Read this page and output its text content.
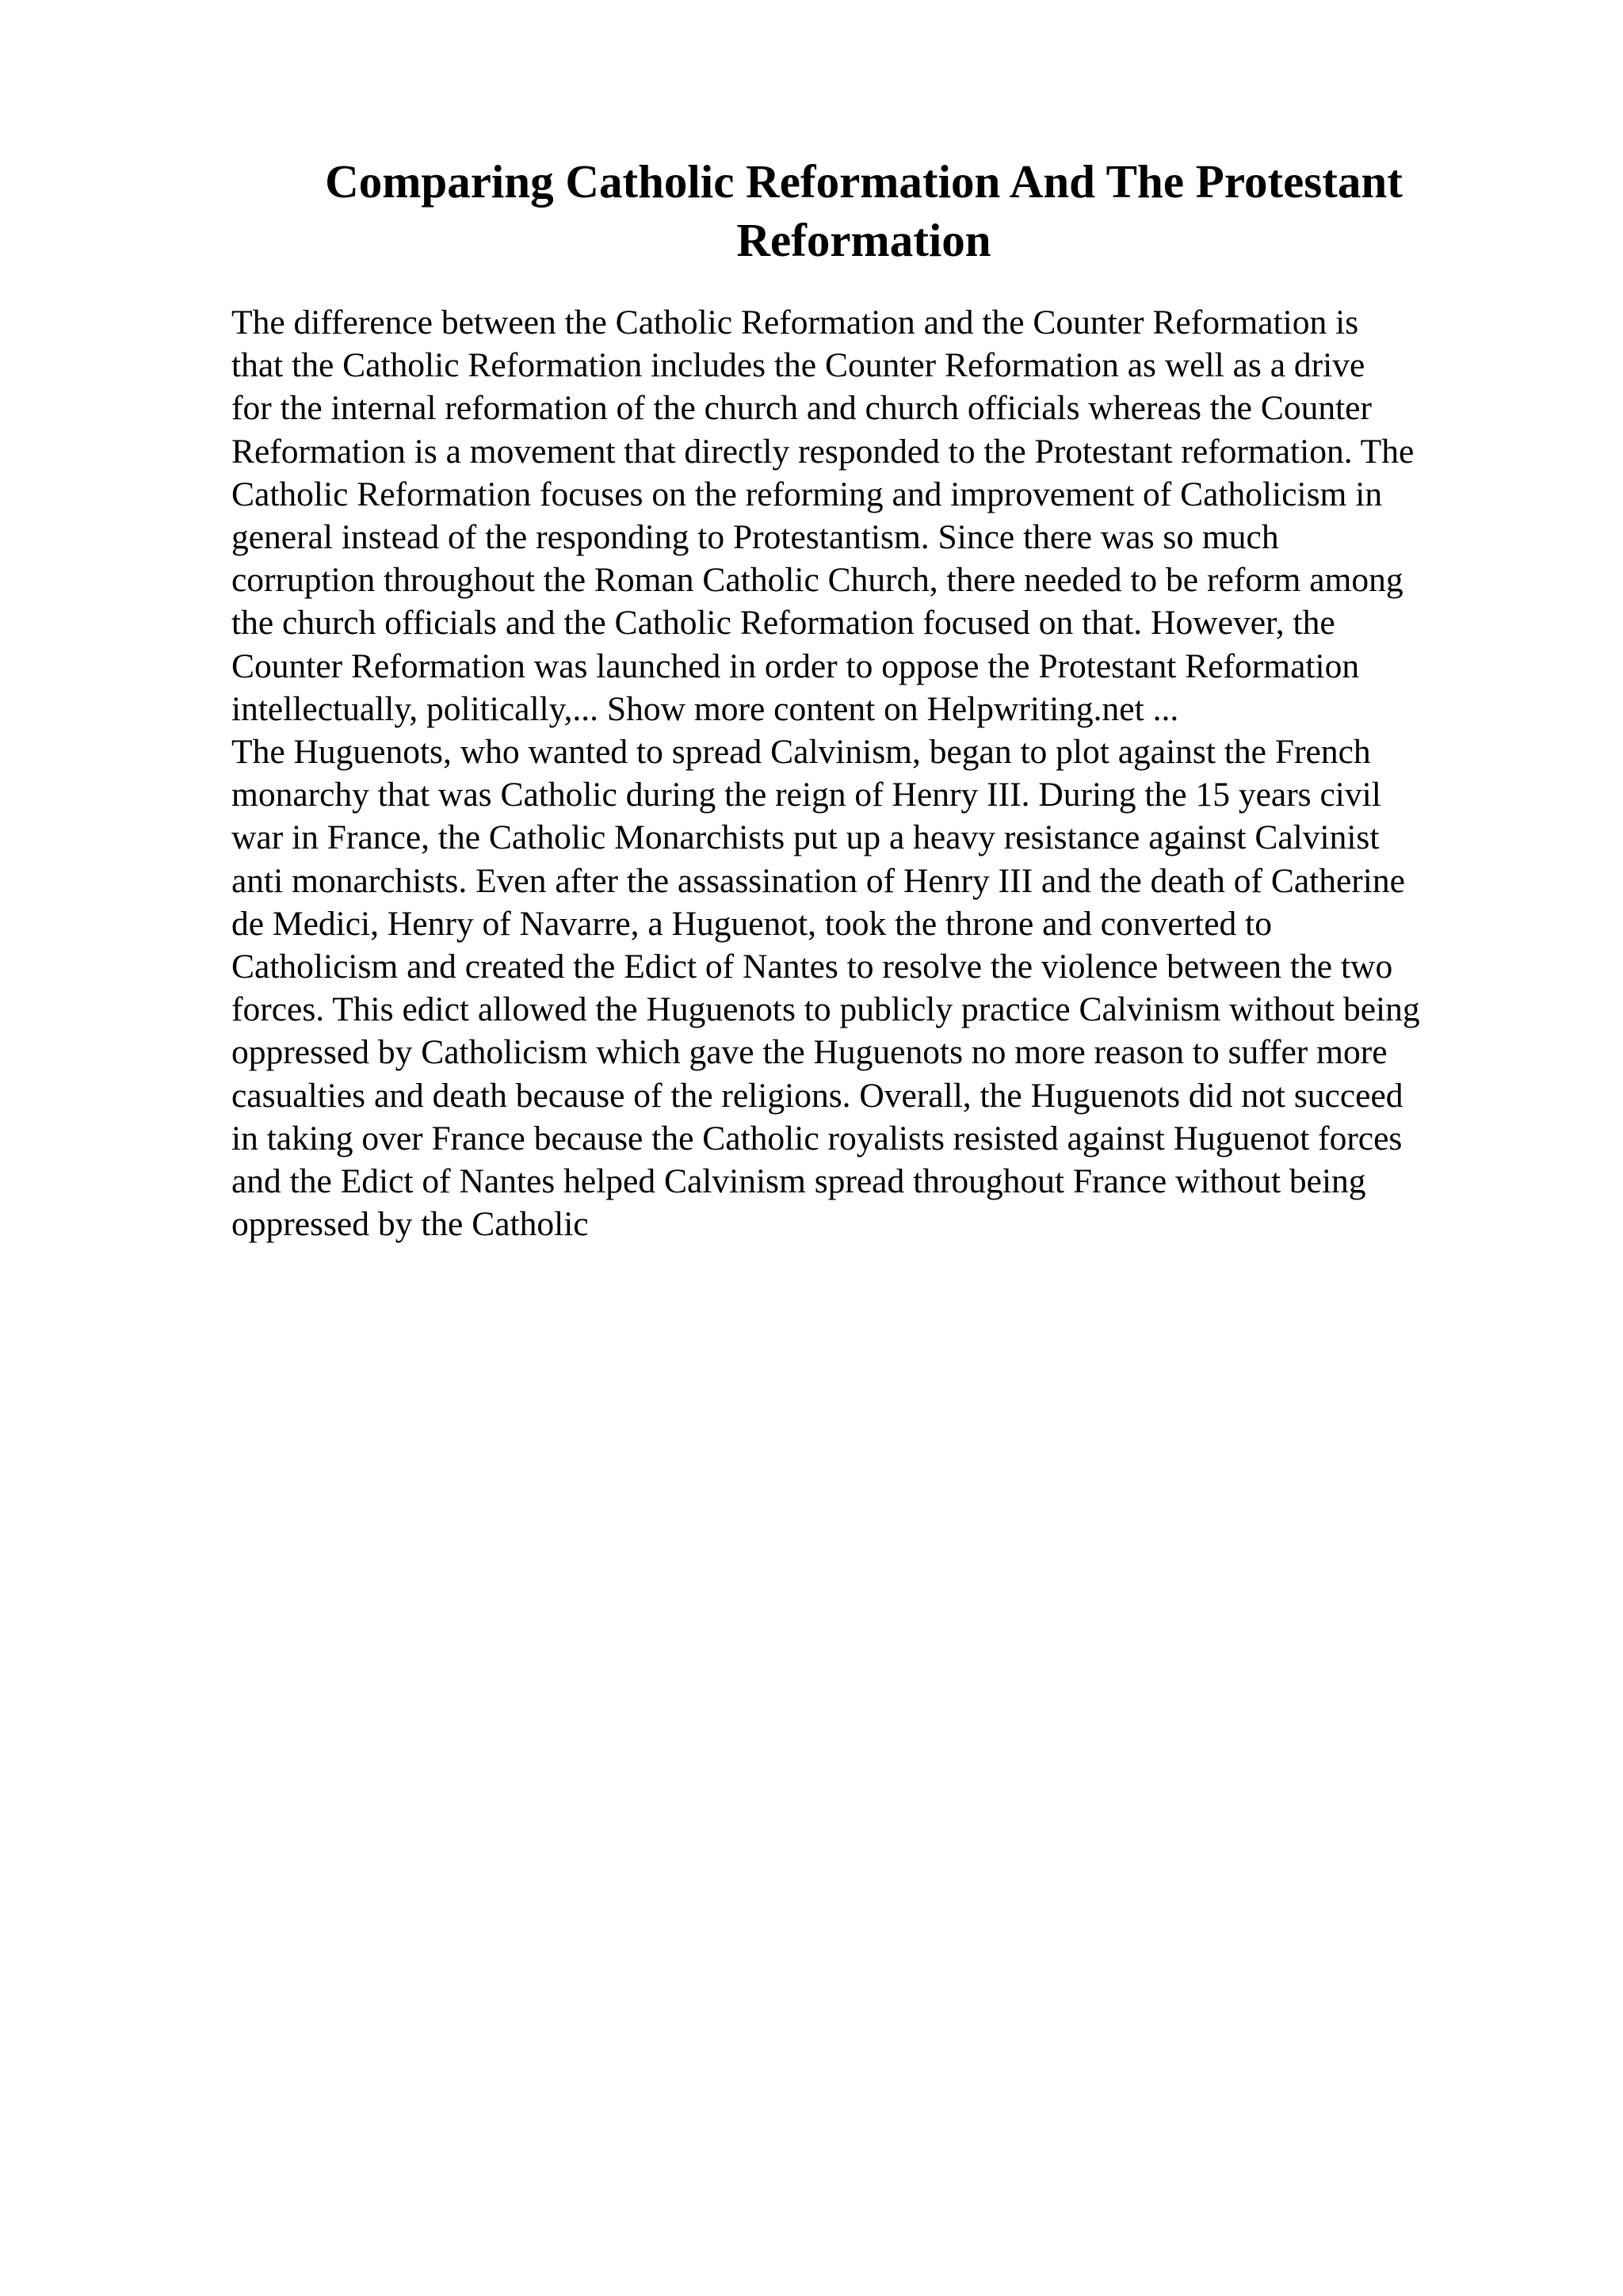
Comparing Catholic Reformation And The Protestant
Reformation
The difference between the Catholic Reformation and the Counter Reformation is
that the Catholic Reformation includes the Counter Reformation as well as a drive
for the internal reformation of the church and church officials whereas the Counter
Reformation is a movement that directly responded to the Protestant reformation. The
Catholic Reformation focuses on the reforming and improvement of Catholicism in
general instead of the responding to Protestantism. Since there was so much
corruption throughout the Roman Catholic Church, there needed to be reform among
the church officials and the Catholic Reformation focused on that. However, the
Counter Reformation was launched in order to oppose the Protestant Reformation
intellectually, politically,... Show more content on Helpwriting.net ...
The Huguenots, who wanted to spread Calvinism, began to plot against the French
monarchy that was Catholic during the reign of Henry III. During the 15 years civil
war in France, the Catholic Monarchists put up a heavy resistance against Calvinist
anti monarchists. Even after the assassination of Henry III and the death of Catherine
de Medici, Henry of Navarre, a Huguenot, took the throne and converted to
Catholicism and created the Edict of Nantes to resolve the violence between the two
forces. This edict allowed the Huguenots to publicly practice Calvinism without being
oppressed by Catholicism which gave the Huguenots no more reason to suffer more
casualties and death because of the religions. Overall, the Huguenots did not succeed
in taking over France because the Catholic royalists resisted against Huguenot forces
and the Edict of Nantes helped Calvinism spread throughout France without being
oppressed by the Catholic
